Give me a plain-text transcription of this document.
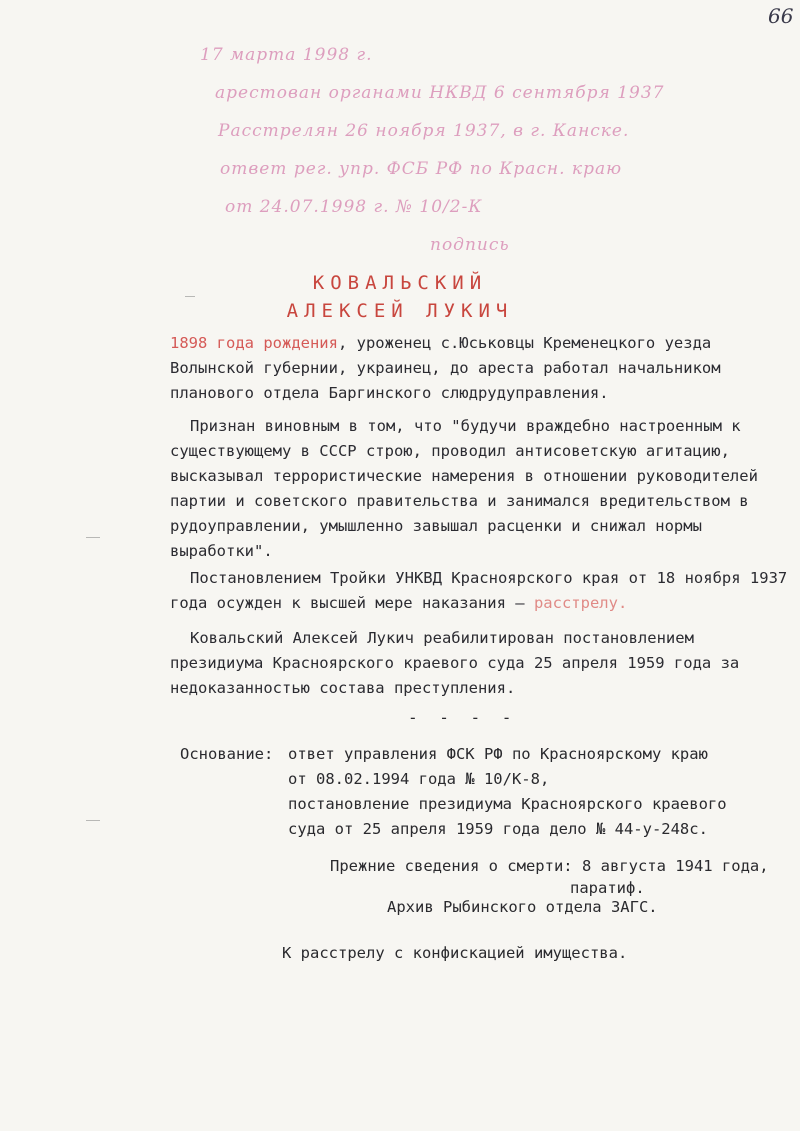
66
17 марта 1998 г.
арестован органами НКВД 6 сентября 1937
Расстрелян 26 ноября 1937, в г. Канске.
ответ рег. упр. ФСБ РФ по Красн. краю
от 24.07.1998 г. № 10/2-К
подпись
КОВАЛЬСКИЙ
АЛЕКСЕЙ ЛУКИЧ

1898 года рождения, уроженец с.Юськовцы Кременецкого уезда Волынской губернии, украинец, до ареста работал начальником планового отдела Баргинского слюдрудуправления.

Признан виновным в том, что "будучи враждебно настроенным к существующему в СССР строю, проводил антисоветскую агитацию, высказывал террористические намерения в отношении руководителей партии и советского правительства и занимался вредительством в рудоуправлении, умышленно завышал расценки и снижал нормы выработки".

Постановлением Тройки УНКВД Красноярского края от 18 ноября 1937 года осужден к высшей мере наказания – расстрелу.

Ковальский Алексей Лукич реабилитирован постановлением президиума Красноярского краевого суда 25 апреля 1959 года за недоказанностью состава преступления.

- - - -
Основание: ответ управления ФСК РФ по Красноярскому краю
от 08.02.1994 года № 10/К-8,
постановление президиума Красноярского краевого
суда от 25 апреля 1959 года дело № 44-у-248с.
Прежние сведения о смерти: 8 августа 1941 года,
паратиф.
Архив Рыбинского отдела ЗАГС.
К расстрелу с конфискацией имущества.
